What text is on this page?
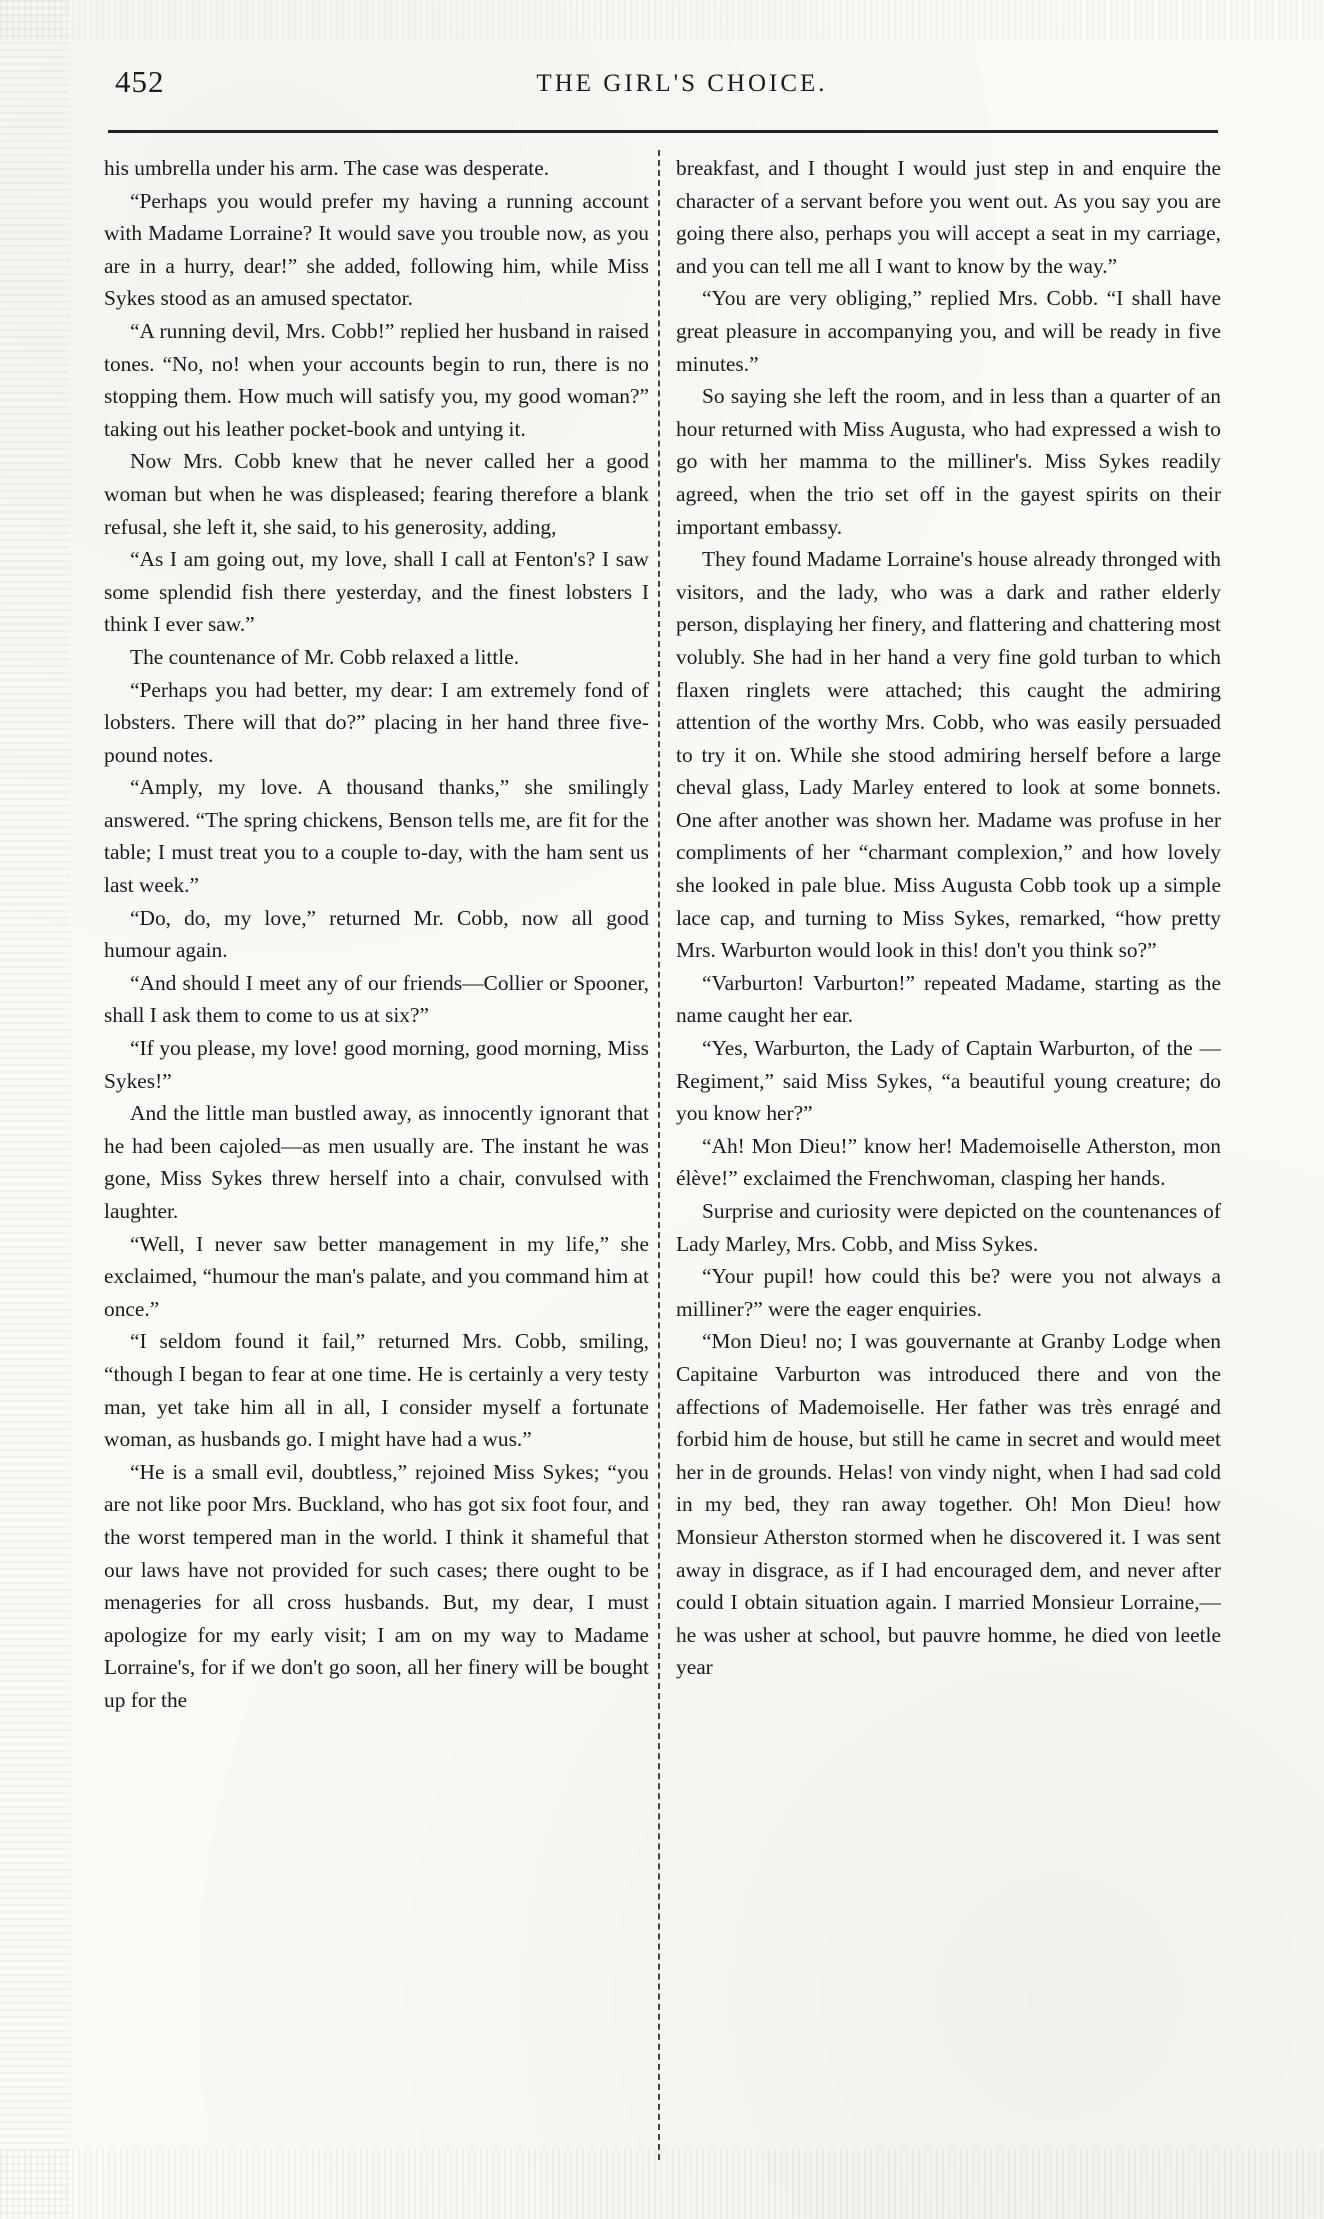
452	THE GIRL'S CHOICE.

his umbrella under his arm. The case was desperate.

“Perhaps you would prefer my having a running account with Madame Lorraine? It would save you trouble now, as you are in a hurry, dear!” she added, following him, while Miss Sykes stood as an amused spectator.

“A running devil, Mrs. Cobb!” replied her husband in raised tones. “No, no! when your accounts begin to run, there is no stopping them. How much will satisfy you, my good woman?” taking out his leather pocket-book and untying it.

Now Mrs. Cobb knew that he never called her a good woman but when he was displeased; fearing therefore a blank refusal, she left it, she said, to his generosity, adding,

“As I am going out, my love, shall I call at Fenton's? I saw some splendid fish there yesterday, and the finest lobsters I think I ever saw.”

The countenance of Mr. Cobb relaxed a little.

“Perhaps you had better, my dear: I am extremely fond of lobsters. There will that do?” placing in her hand three five-pound notes.

“Amply, my love. A thousand thanks,” she smilingly answered. “The spring chickens, Benson tells me, are fit for the table; I must treat you to a couple to-day, with the ham sent us last week.”

“Do, do, my love,” returned Mr. Cobb, now all good humour again.

“And should I meet any of our friends—Collier or Spooner, shall I ask them to come to us at six?”

“If you please, my love! good morning, good morning, Miss Sykes!”

And the little man bustled away, as innocently ignorant that he had been cajoled—as men usually are. The instant he was gone, Miss Sykes threw herself into a chair, convulsed with laughter.

“Well, I never saw better management in my life,” she exclaimed, “humour the man's palate, and you command him at once.”

“I seldom found it fail,” returned Mrs. Cobb, smiling, “though I began to fear at one time. He is certainly a very testy man, yet take him all in all, I consider myself a fortunate woman, as husbands go. I might have had a wus.”

“He is a small evil, doubtless,” rejoined Miss Sykes; “you are not like poor Mrs. Buckland, who has got six foot four, and the worst tempered man in the world. I think it shameful that our laws have not provided for such cases; there ought to be menageries for all cross husbands. But, my dear, I must apologize for my early visit; I am on my way to Madame Lorraine's, for if we don't go soon, all her finery will be bought up for the

breakfast, and I thought I would just step in and enquire the character of a servant before you went out. As you say you are going there also, perhaps you will accept a seat in my carriage, and you can tell me all I want to know by the way.”

“You are very obliging,” replied Mrs. Cobb. “I shall have great pleasure in accompanying you, and will be ready in five minutes.”

So saying she left the room, and in less than a quarter of an hour returned with Miss Augusta, who had expressed a wish to go with her mamma to the milliner's. Miss Sykes readily agreed, when the trio set off in the gayest spirits on their important embassy.

They found Madame Lorraine's house already thronged with visitors, and the lady, who was a dark and rather elderly person, displaying her finery, and flattering and chattering most volubly. She had in her hand a very fine gold turban to which flaxen ringlets were attached; this caught the admiring attention of the worthy Mrs. Cobb, who was easily persuaded to try it on. While she stood admiring herself before a large cheval glass, Lady Marley entered to look at some bonnets. One after another was shown her. Madame was profuse in her compliments of her “charmant complexion,” and how lovely she looked in pale blue. Miss Augusta Cobb took up a simple lace cap, and turning to Miss Sykes, remarked, “how pretty Mrs. Warburton would look in this! don't you think so?”

“Varburton! Varburton!” repeated Madame, starting as the name caught her ear.

“Yes, Warburton, the Lady of Captain Warburton, of the — Regiment,” said Miss Sykes, “a beautiful young creature; do you know her?”

“Ah! Mon Dieu!” know her! Mademoiselle Atherston, mon élève!” exclaimed the Frenchwoman, clasping her hands.

Surprise and curiosity were depicted on the countenances of Lady Marley, Mrs. Cobb, and Miss Sykes.

“Your pupil! how could this be? were you not always a milliner?” were the eager enquiries.

“Mon Dieu! no; I was gouvernante at Granby Lodge when Capitaine Varburton was introduced there and von the affections of Mademoiselle. Her father was très enragé and forbid him de house, but still he came in secret and would meet her in de grounds. Helas! von vindy night, when I had sad cold in my bed, they ran away together. Oh! Mon Dieu! how Monsieur Atherston stormed when he discovered it. I was sent away in disgrace, as if I had encouraged dem, and never after could I obtain situation again. I married Monsieur Lorraine,—he was usher at school, but pauvre homme, he died von leetle year
